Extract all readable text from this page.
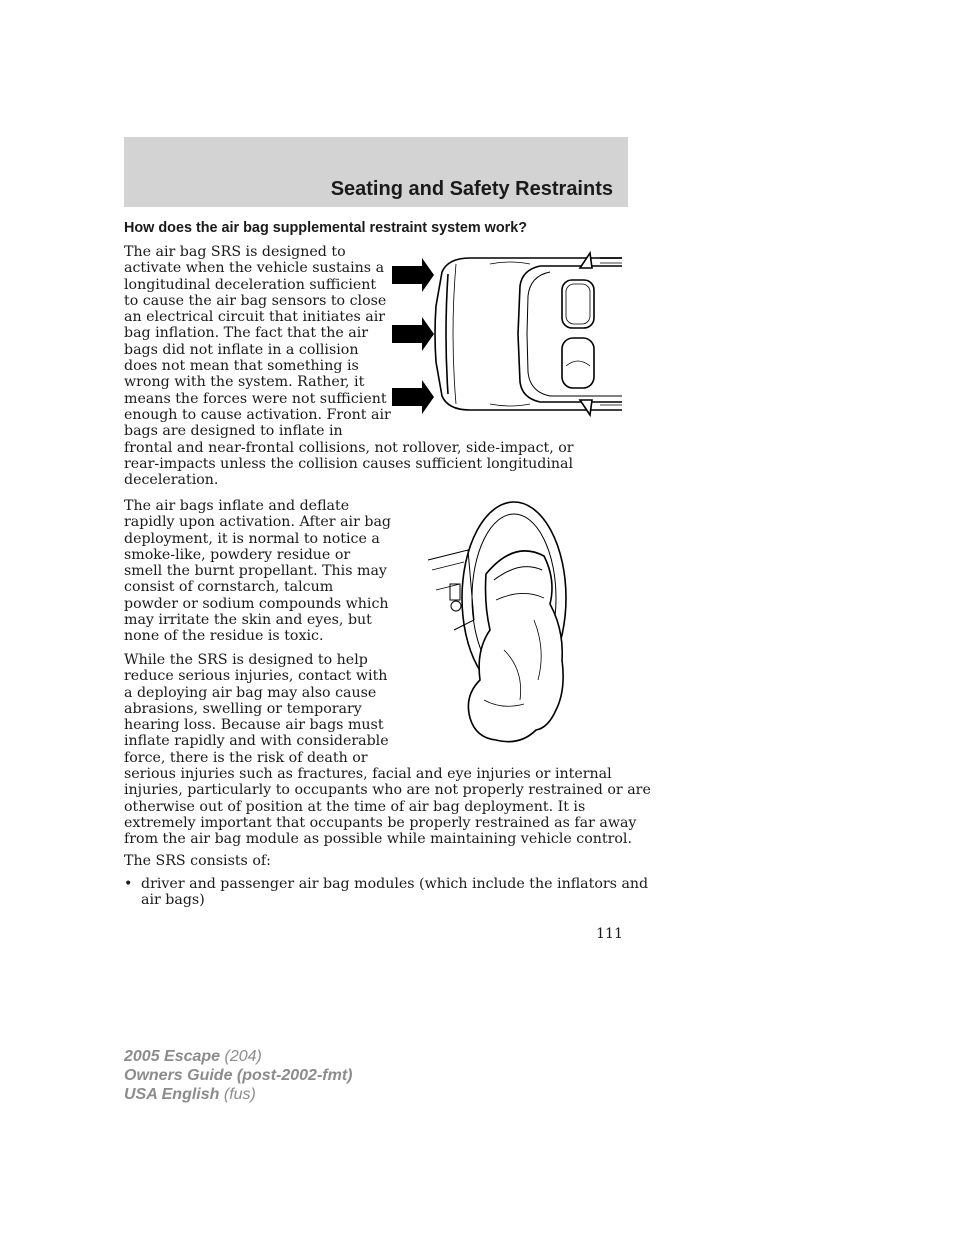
Seating and Safety Restraints
How does the air bag supplemental restraint system work?

The air bag SRS is designed to
activate when the vehicle sustains a
longitudinal deceleration sufficient
to cause the air bag sensors to close
an electrical circuit that initiates air
bag inflation. The fact that the air
bags did not inflate in a collision
does not mean that something is
wrong with the system. Rather, it
means the forces were not sufficient
enough to cause activation. Front air
bags are designed to inflate in
frontal and near-frontal collisions, not rollover, side-impact, or
rear-impacts unless the collision causes sufficient longitudinal
deceleration.

The air bags inflate and deflate
rapidly upon activation. After air bag
deployment, it is normal to notice a
smoke-like, powdery residue or
smell the burnt propellant. This may
consist of cornstarch, talcum
powder or sodium compounds which
may irritate the skin and eyes, but
none of the residue is toxic.

While the SRS is designed to help
reduce serious injuries, contact with
a deploying air bag may also cause
abrasions, swelling or temporary
hearing loss. Because air bags must
inflate rapidly and with considerable
force, there is the risk of death or
serious injuries such as fractures, facial and eye injuries or internal
injuries, particularly to occupants who are not properly restrained or are
otherwise out of position at the time of air bag deployment. It is
extremely important that occupants be properly restrained as far away
from the air bag module as possible while maintaining vehicle control.

The SRS consists of:

• driver and passenger air bag modules (which include the inflators and
air bags)

111

2005 Escape (204)
Owners Guide (post-2002-fmt)
USA English (fus)
